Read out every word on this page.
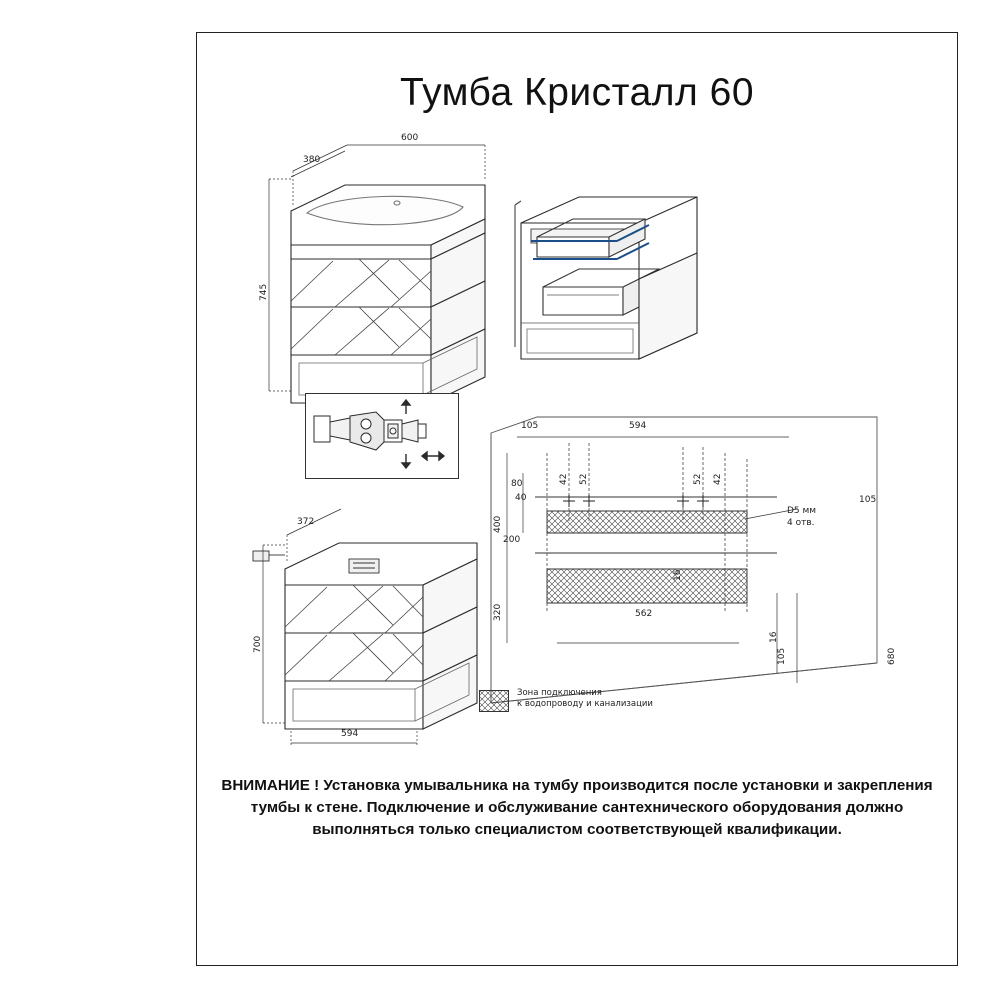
Тумба Кристалл 60
380
600
745
372
700
594
D5 мм
4 отв.
105	594
105
42 52	52 42
80
40
400
200
320
16
562
16
105	680
Зона подключения
к водопроводу и канализации
ВНИМАНИЕ ! Установка умывальника на тумбу производится после установки и закрепления тумбы к стене. Подключение и обслуживание сантехнического оборудования должно выполняться только специалистом соответствующей квалификации.
